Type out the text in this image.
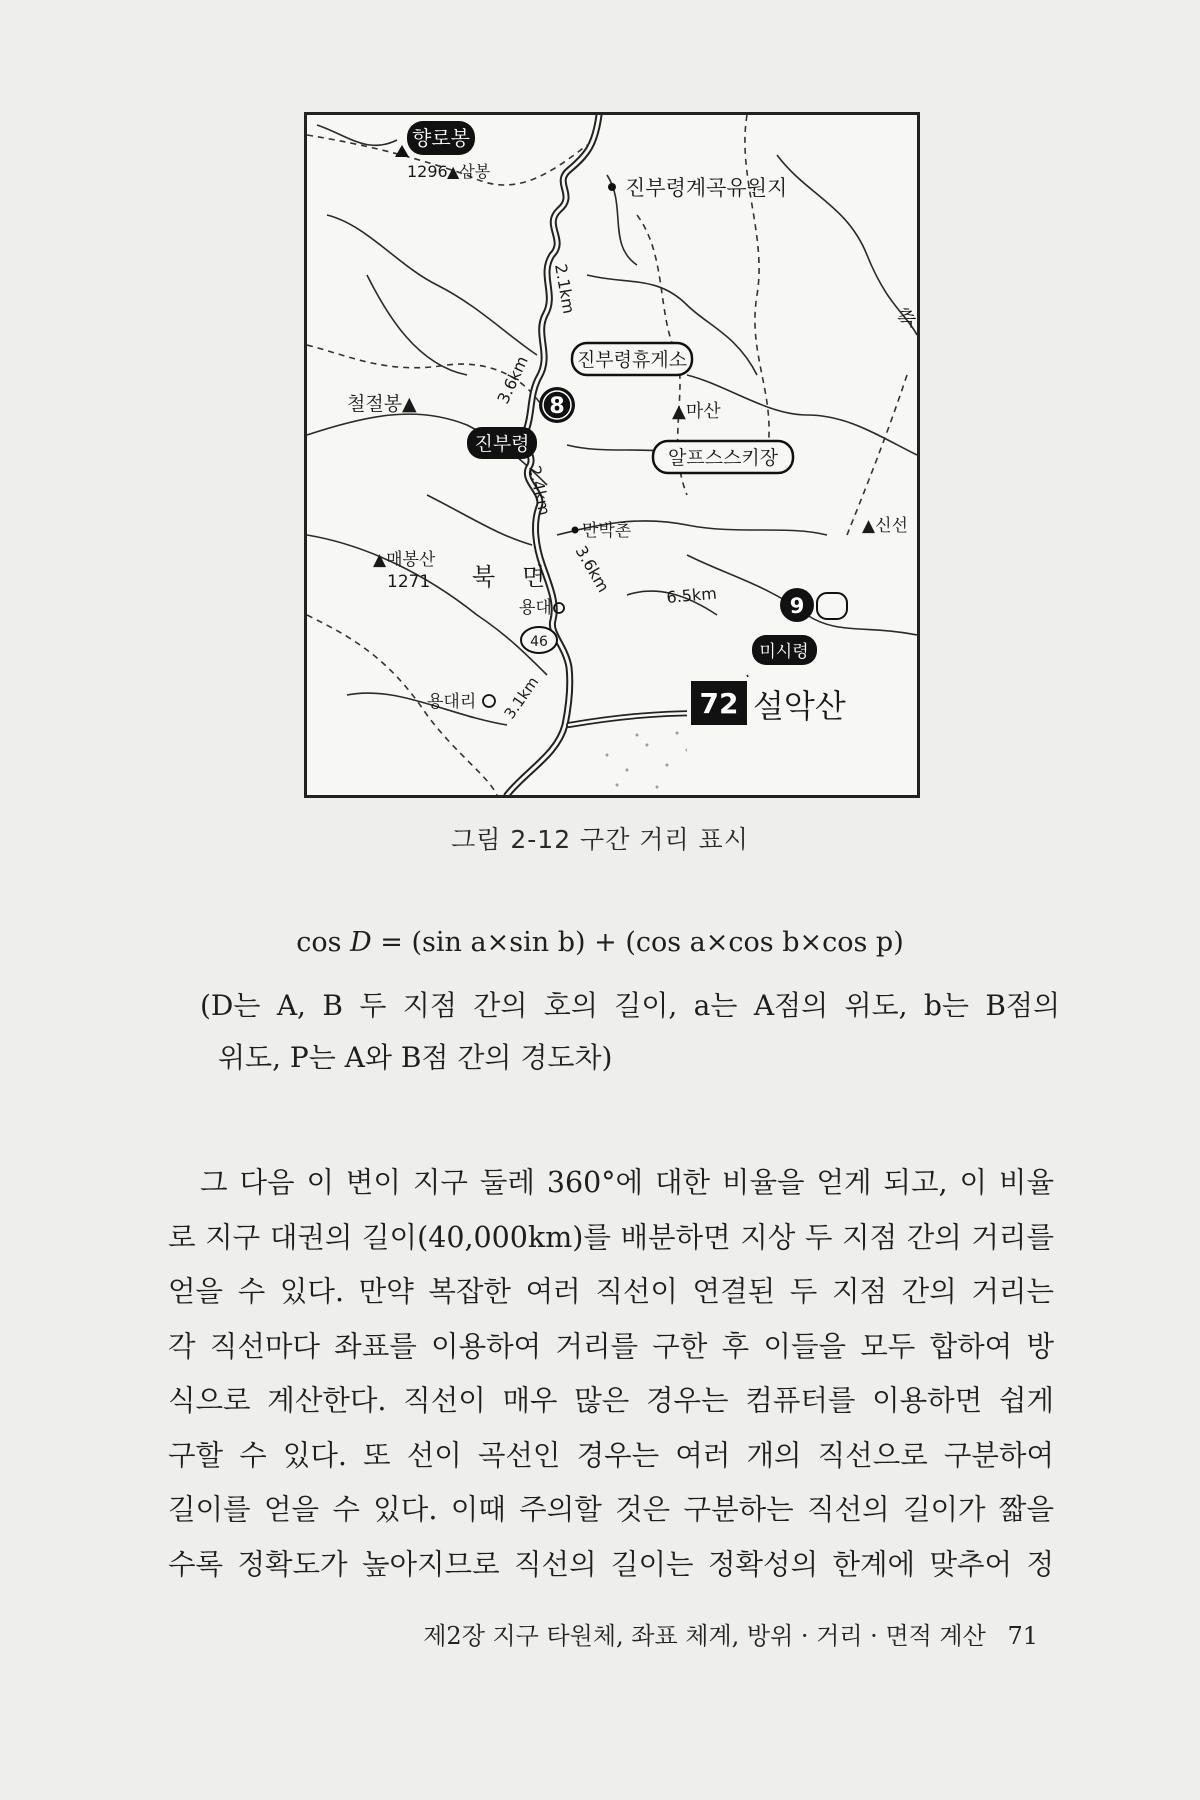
향로봉
1296 ▲삼봉
진부령계곡유원지
2.1km
3.6km 진부령휴게소
철절봉▲	8	▲마산
진부령
알프스스키장
2.4km
만박촌	▲신선
3.6km
▲매봉산
1271 북 면
용대
6.5km	9
46	미시령
3.1km
용대리
측
72 설악산
그림 2-12 구간 거리 표시
cos D = (sin a×sin b) + (cos a×cos b×cos p)
(D는 A, B 두 지점 간의 호의 길이, a는 A점의 위도, b는 B점의
위도, P는 A와 B점 간의 경도차)
그 다음 이 변이 지구 둘레 360°에 대한 비율을 얻게 되고, 이 비율
로 지구 대권의 길이(40,000km)를 배분하면 지상 두 지점 간의 거리를
얻을 수 있다. 만약 복잡한 여러 직선이 연결된 두 지점 간의 거리는
각 직선마다 좌표를 이용하여 거리를 구한 후 이들을 모두 합하여 방
식으로 계산한다. 직선이 매우 많은 경우는 컴퓨터를 이용하면 쉽게
구할 수 있다. 또 선이 곡선인 경우는 여러 개의 직선으로 구분하여
길이를 얻을 수 있다. 이때 주의할 것은 구분하는 직선의 길이가 짧을
수록 정확도가 높아지므로 직선의 길이는 정확성의 한계에 맞추어 정
제2장 지구 타원체, 좌표 체계, 방위 · 거리 · 면적 계산 71
